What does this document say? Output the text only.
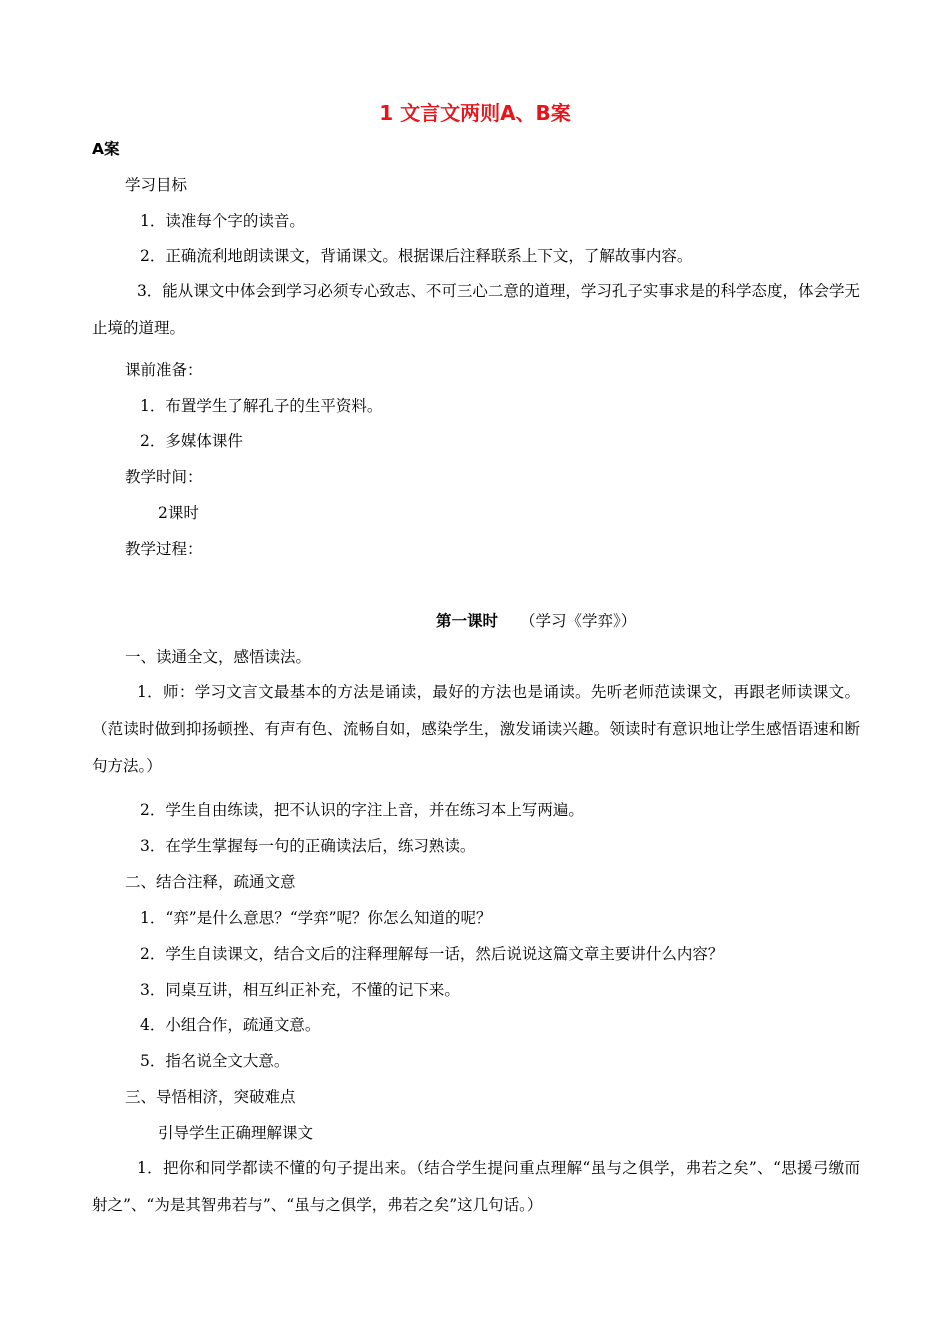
1 文言文两则A、B案
A案
学习目标
1．读准每个字的读音。
2．正确流利地朗读课文，背诵课文。根据课后注释联系上下文，了解故事内容。
3．能从课文中体会到学习必须专心致志、不可三心二意的道理，学习孔子实事求是的科学态度，体会学无止境的道理。
课前准备：
1．布置学生了解孔子的生平资料。
2．多媒体课件
教学时间：
2课时
教学过程：
第一课时 （学习《学弈》）
一、读通全文，感悟读法。
1．师：学习文言文最基本的方法是诵读，最好的方法也是诵读。先听老师范读课文，再跟老师读课文。（范读时做到抑扬顿挫、有声有色、流畅自如，感染学生，激发诵读兴趣。领读时有意识地让学生感悟语速和断句方法。）
2．学生自由练读，把不认识的字注上音，并在练习本上写两遍。
3．在学生掌握每一句的正确读法后，练习熟读。
二、结合注释，疏通文意
1．“弈”是什么意思？“学弈”呢？你怎么知道的呢？
2．学生自读课文，结合文后的注释理解每一话，然后说说这篇文章主要讲什么内容？
3．同桌互讲，相互纠正补充，不懂的记下来。
4．小组合作，疏通文意。
5．指名说全文大意。
三、导悟相济，突破难点
引导学生正确理解课文
1．把你和同学都读不懂的句子提出来。（结合学生提问重点理解“虽与之俱学，弗若之矣”、“思援弓缴而射之”、“为是其智弗若与”、“虽与之俱学，弗若之矣”这几句话。）
